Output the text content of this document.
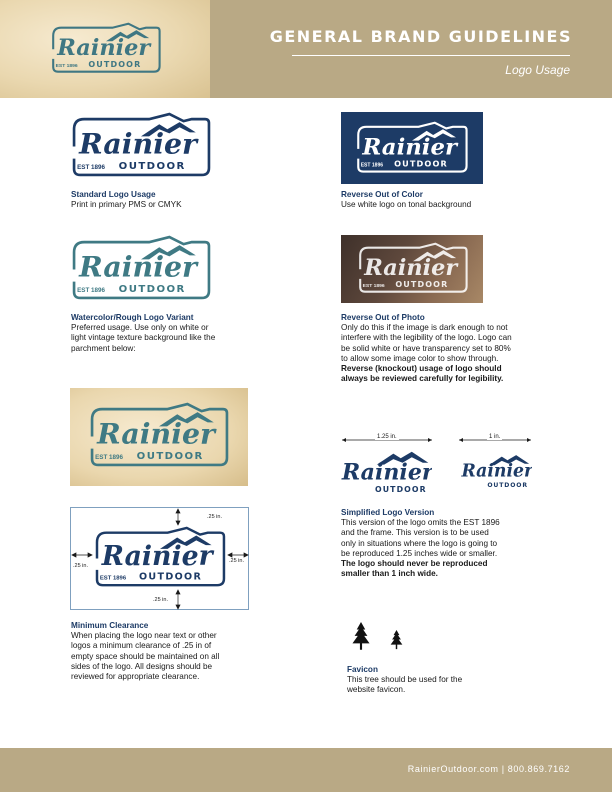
GENERAL BRAND GUIDELINES
Logo Usage
Standard Logo Usage
Print in primary PMS or CMYK
Reverse Out of Color
Use white logo on tonal background
Watercolor/Rough Logo Variant
Preferred usage. Use only on white or
light vintage texture background like the
parchment below:
Reverse Out of Photo
Only do this if the image is dark enough to not
interfere with the legibility of the logo. Logo can
be solid white or have transparency set to 80%
to allow some image color to show through.
Reverse (knockout) usage of logo should
always be reviewed carefully for legibility.
1.25 in.	1 in.
Simplified Logo Version
This version of the logo omits the EST 1896
and the frame. This version is to be used
only in situations where the logo is going to
be reproduced 1.25 inches wide or smaller.
The logo should never be reproduced
smaller than 1 inch wide.
.25 in.
.25 in.
.25 in.
.25 in.
Minimum Clearance
When placing the logo near text or other
logos a minimum clearance of .25 in of
empty space should be maintained on all
sides of the logo. All designs should be
reviewed for appropriate clearance.
Favicon
This tree should be used for the
website favicon.
RainierOutdoor.com | 800.869.7162
